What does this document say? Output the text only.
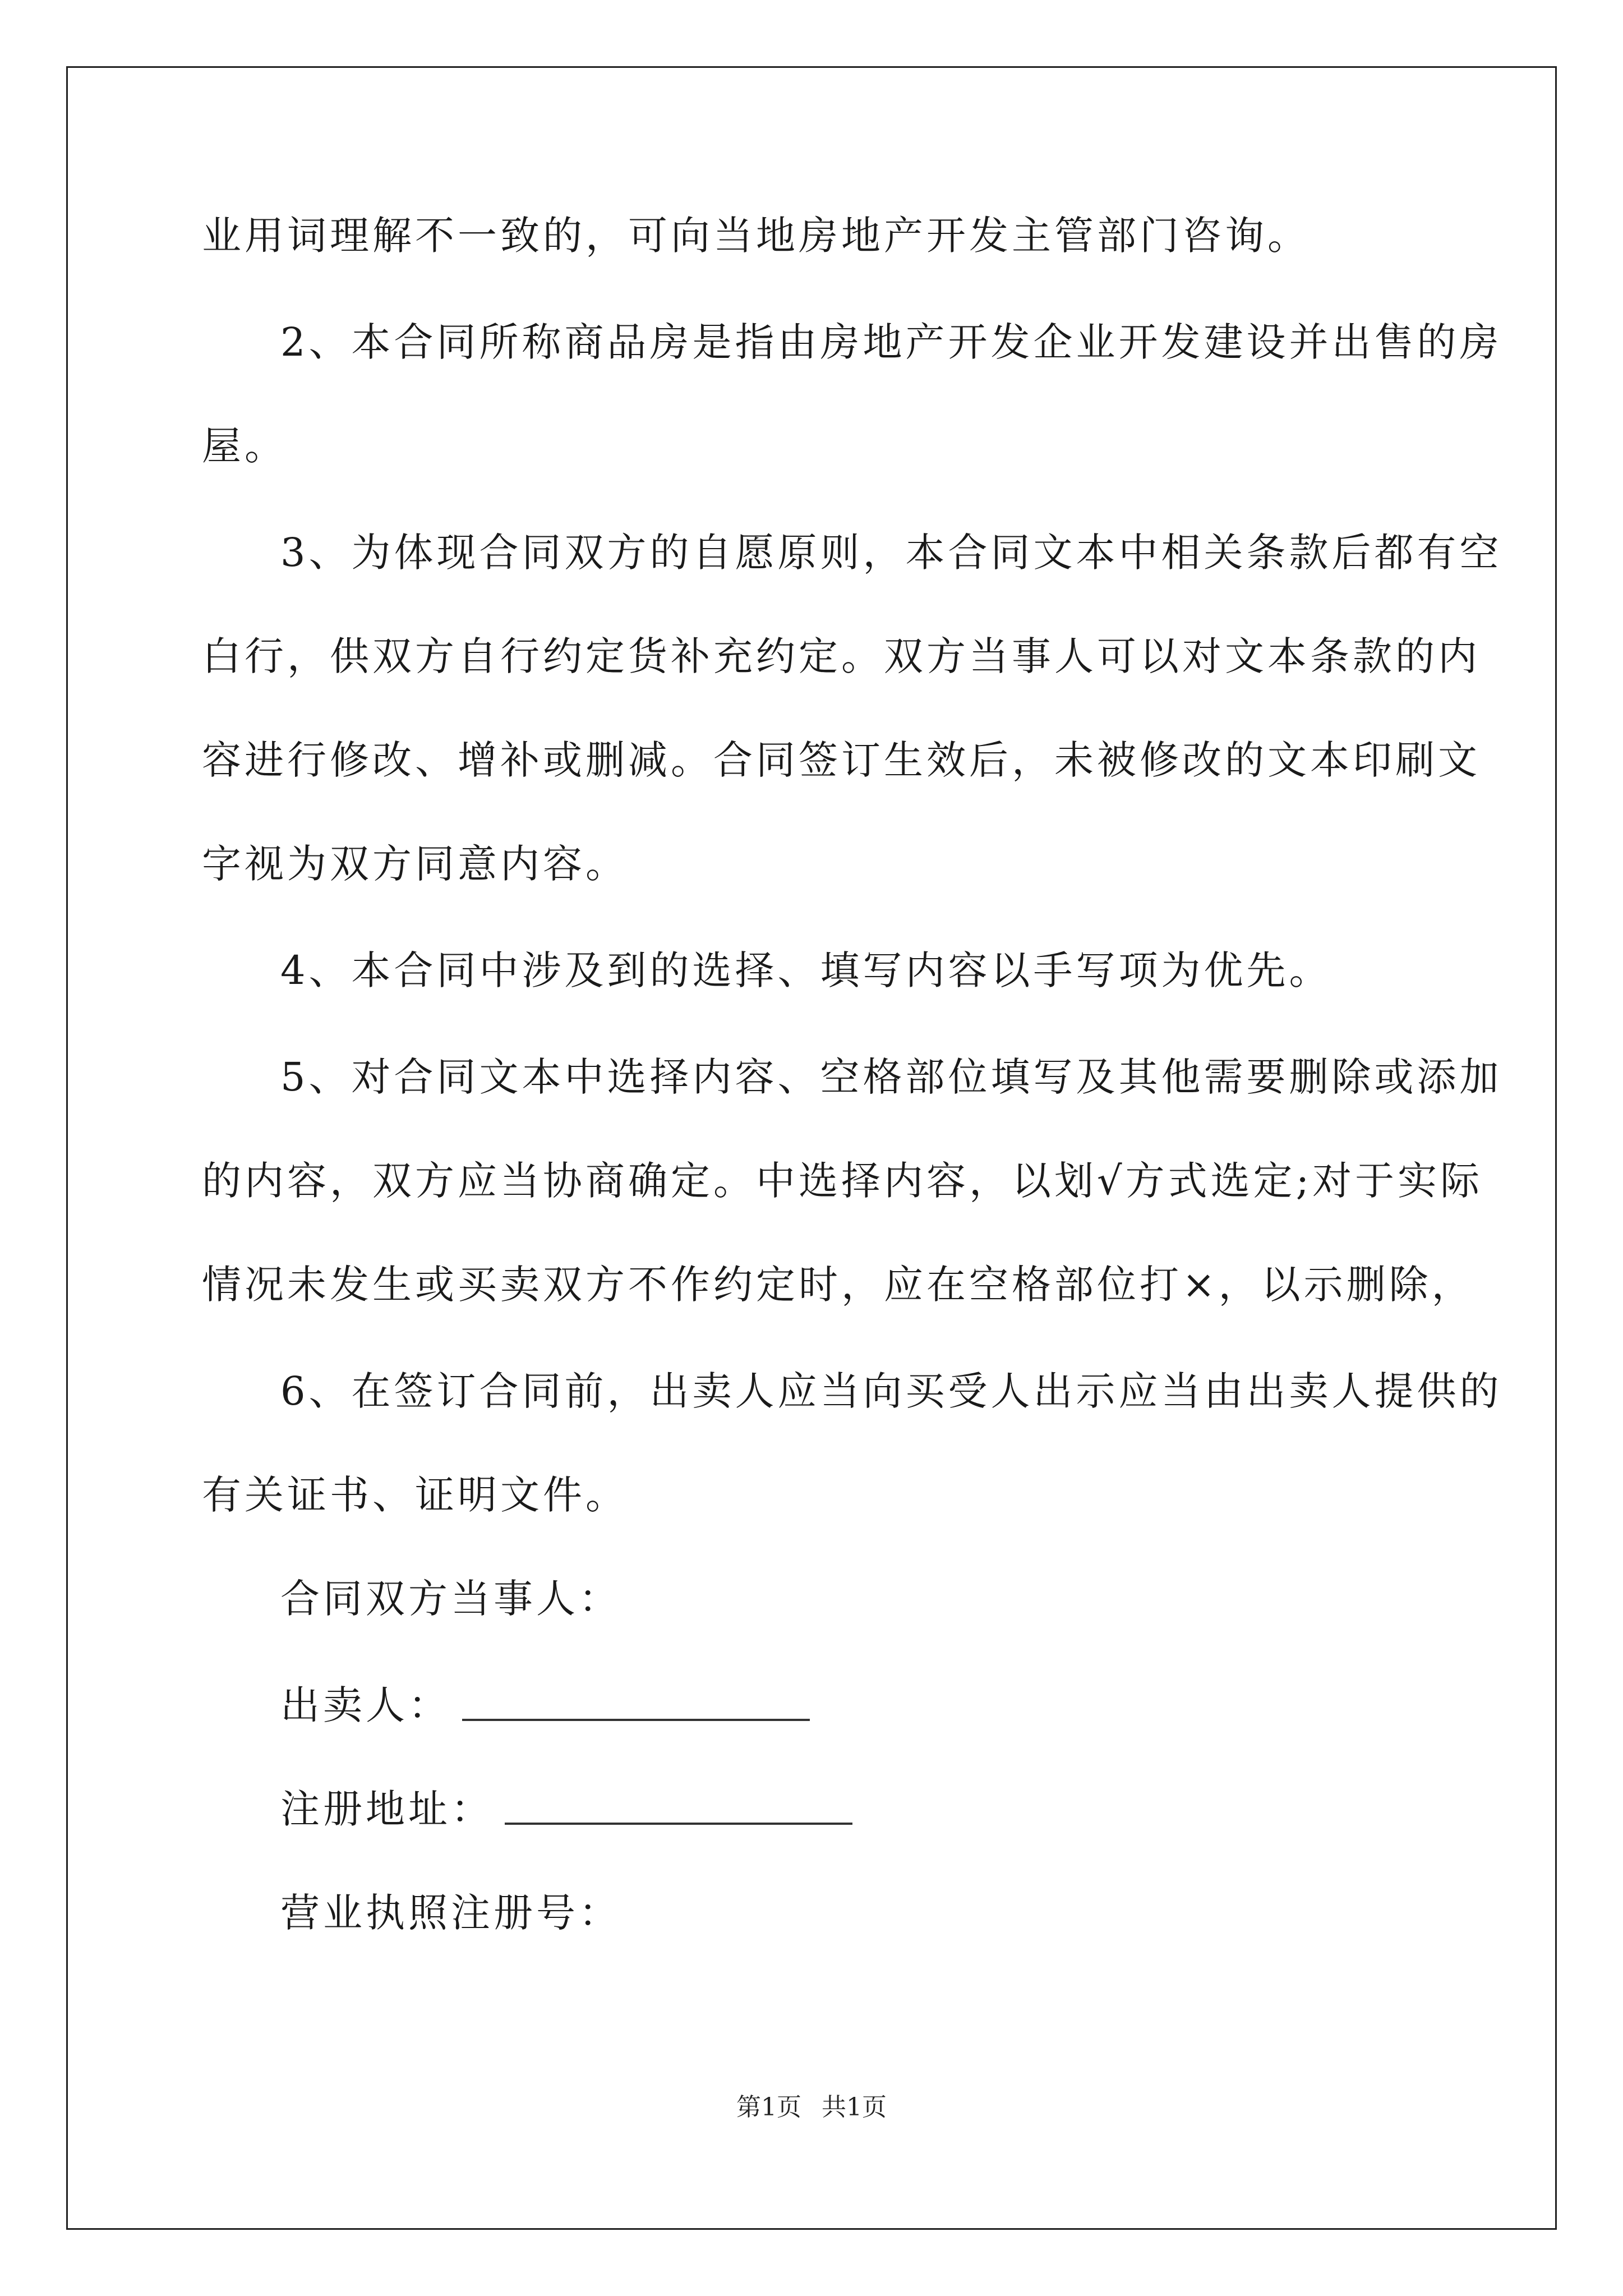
业用词理解不一致的，可向当地房地产开发主管部门咨询。
2、本合同所称商品房是指由房地产开发企业开发建设并出售的房
屋。
3、为体现合同双方的自愿原则，本合同文本中相关条款后都有空
白行，供双方自行约定货补充约定。双方当事人可以对文本条款的内
容进行修改、增补或删减。合同签订生效后，未被修改的文本印刷文
字视为双方同意内容。
4、本合同中涉及到的选择、填写内容以手写项为优先。
5、对合同文本中选择内容、空格部位填写及其他需要删除或添加
的内容，双方应当协商确定。中选择内容，以划√方式选定;对于实际
情况未发生或买卖双方不作约定时，应在空格部位打×，以示删除，
6、在签订合同前，出卖人应当向买受人出示应当由出卖人提供的
有关证书、证明文件。
合同双方当事人：
出卖人：
注册地址：
营业执照注册号：
第1页 共1页
